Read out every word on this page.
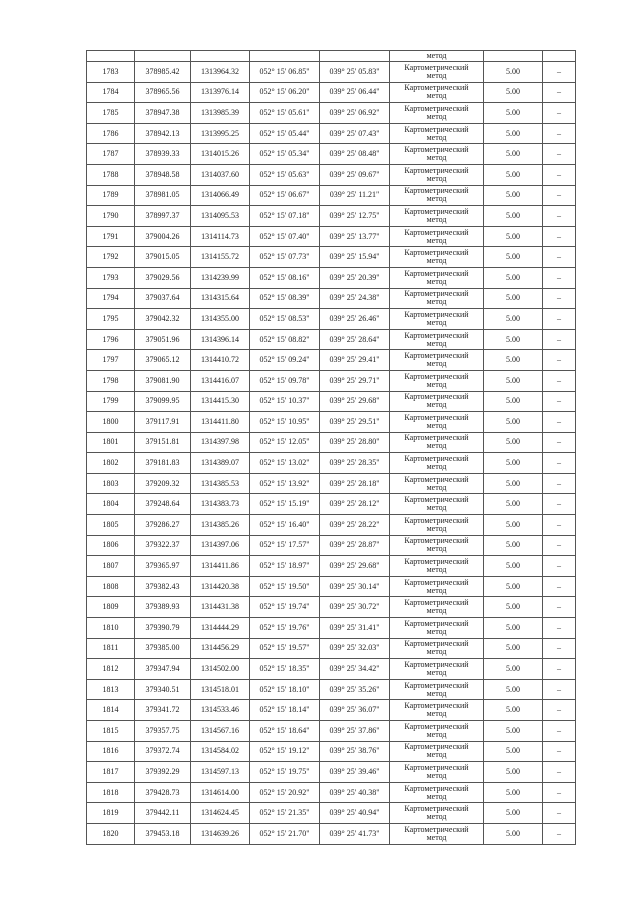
					метод		
1783	378985.42	1313964.32	052° 15' 06.85"	039° 25' 05.83"	Картометрический
метод	5.00	–
1784	378965.56	1313976.14	052° 15' 06.20"	039° 25' 06.44"	Картометрический
метод	5.00	–
1785	378947.38	1313985.39	052° 15' 05.61"	039° 25' 06.92"	Картометрический
метод	5.00	–
1786	378942.13	1313995.25	052° 15' 05.44"	039° 25' 07.43"	Картометрический
метод	5.00	–
1787	378939.33	1314015.26	052° 15' 05.34"	039° 25' 08.48"	Картометрический
метод	5.00	–
1788	378948.58	1314037.60	052° 15' 05.63"	039° 25' 09.67"	Картометрический
метод	5.00	–
1789	378981.05	1314066.49	052° 15' 06.67"	039° 25' 11.21"	Картометрический
метод	5.00	–
1790	378997.37	1314095.53	052° 15' 07.18"	039° 25' 12.75"	Картометрический
метод	5.00	–
1791	379004.26	1314114.73	052° 15' 07.40"	039° 25' 13.77"	Картометрический
метод	5.00	–
1792	379015.05	1314155.72	052° 15' 07.73"	039° 25' 15.94"	Картометрический
метод	5.00	–
1793	379029.56	1314239.99	052° 15' 08.16"	039° 25' 20.39"	Картометрический
метод	5.00	–
1794	379037.64	1314315.64	052° 15' 08.39"	039° 25' 24.38"	Картометрический
метод	5.00	–
1795	379042.32	1314355.00	052° 15' 08.53"	039° 25' 26.46"	Картометрический
метод	5.00	–
1796	379051.96	1314396.14	052° 15' 08.82"	039° 25' 28.64"	Картометрический
метод	5.00	–
1797	379065.12	1314410.72	052° 15' 09.24"	039° 25' 29.41"	Картометрический
метод	5.00	–
1798	379081.90	1314416.07	052° 15' 09.78"	039° 25' 29.71"	Картометрический
метод	5.00	–
1799	379099.95	1314415.30	052° 15' 10.37"	039° 25' 29.68"	Картометрический
метод	5.00	–
1800	379117.91	1314411.80	052° 15' 10.95"	039° 25' 29.51"	Картометрический
метод	5.00	–
1801	379151.81	1314397.98	052° 15' 12.05"	039° 25' 28.80"	Картометрический
метод	5.00	–
1802	379181.83	1314389.07	052° 15' 13.02"	039° 25' 28.35"	Картометрический
метод	5.00	–
1803	379209.32	1314385.53	052° 15' 13.92"	039° 25' 28.18"	Картометрический
метод	5.00	–
1804	379248.64	1314383.73	052° 15' 15.19"	039° 25' 28.12"	Картометрический
метод	5.00	–
1805	379286.27	1314385.26	052° 15' 16.40"	039° 25' 28.22"	Картометрический
метод	5.00	–
1806	379322.37	1314397.06	052° 15' 17.57"	039° 25' 28.87"	Картометрический
метод	5.00	–
1807	379365.97	1314411.86	052° 15' 18.97"	039° 25' 29.68"	Картометрический
метод	5.00	–
1808	379382.43	1314420.38	052° 15' 19.50"	039° 25' 30.14"	Картометрический
метод	5.00	–
1809	379389.93	1314431.38	052° 15' 19.74"	039° 25' 30.72"	Картометрический
метод	5.00	–
1810	379390.79	1314444.29	052° 15' 19.76"	039° 25' 31.41"	Картометрический
метод	5.00	–
1811	379385.00	1314456.29	052° 15' 19.57"	039° 25' 32.03"	Картометрический
метод	5.00	–
1812	379347.94	1314502.00	052° 15' 18.35"	039° 25' 34.42"	Картометрический
метод	5.00	–
1813	379340.51	1314518.01	052° 15' 18.10"	039° 25' 35.26"	Картометрический
метод	5.00	–
1814	379341.72	1314533.46	052° 15' 18.14"	039° 25' 36.07"	Картометрический
метод	5.00	–
1815	379357.75	1314567.16	052° 15' 18.64"	039° 25' 37.86"	Картометрический
метод	5.00	–
1816	379372.74	1314584.02	052° 15' 19.12"	039° 25' 38.76"	Картометрический
метод	5.00	–
1817	379392.29	1314597.13	052° 15' 19.75"	039° 25' 39.46"	Картометрический
метод	5.00	–
1818	379428.73	1314614.00	052° 15' 20.92"	039° 25' 40.38"	Картометрический
метод	5.00	–
1819	379442.11	1314624.45	052° 15' 21.35"	039° 25' 40.94"	Картометрический
метод	5.00	–
1820	379453.18	1314639.26	052° 15' 21.70"	039° 25' 41.73"	Картометрический
метод	5.00	–
